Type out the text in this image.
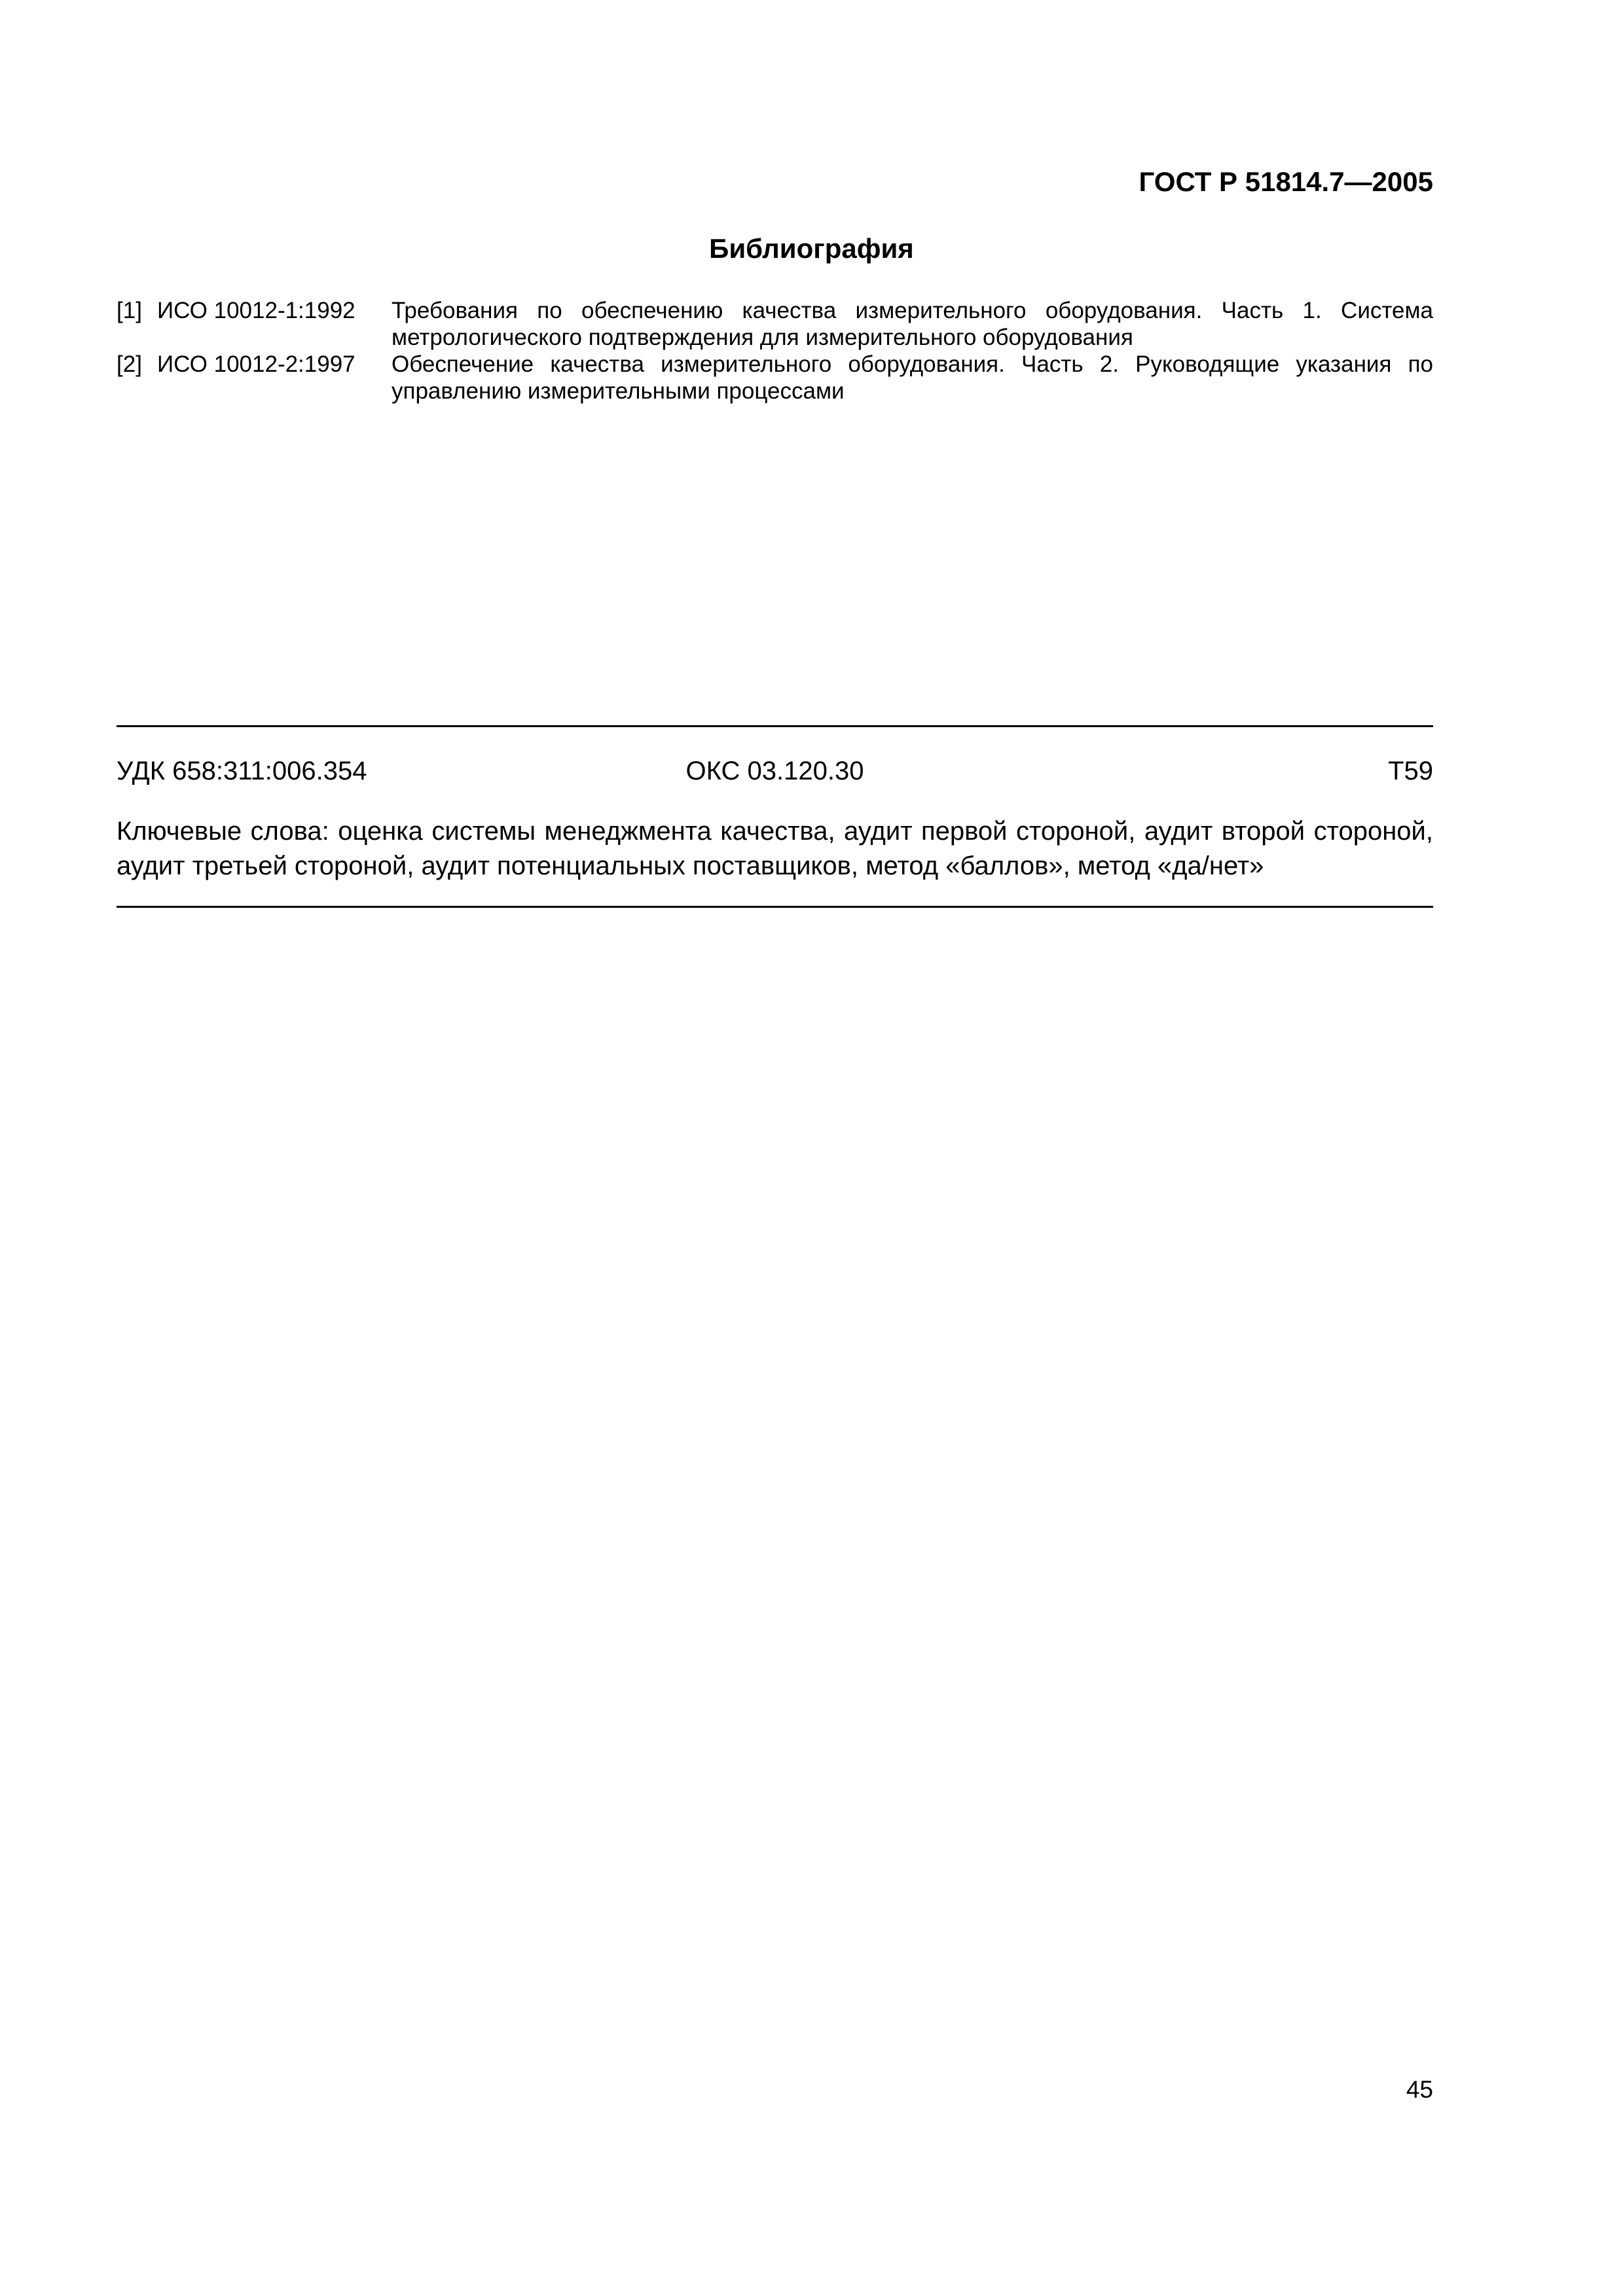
ГОСТ Р 51814.7—2005
Библиография
[1] ИСО 10012-1:1992	Требования по обеспечению качества измерительного оборудования. Часть 1. Система метрологического подтверждения для измерительного оборудования
[2] ИСО 10012-2:1997	Обеспечение качества измерительного оборудования. Часть 2. Руководящие указания по управлению измерительными процессами
УДК 658:311:006.354	ОКС 03.120.30	Т59
Ключевые слова: оценка системы менеджмента качества, аудит первой стороной, аудит второй стороной, аудит третьей стороной, аудит потенциальных поставщиков, метод «баллов», метод «да/нет»
45
